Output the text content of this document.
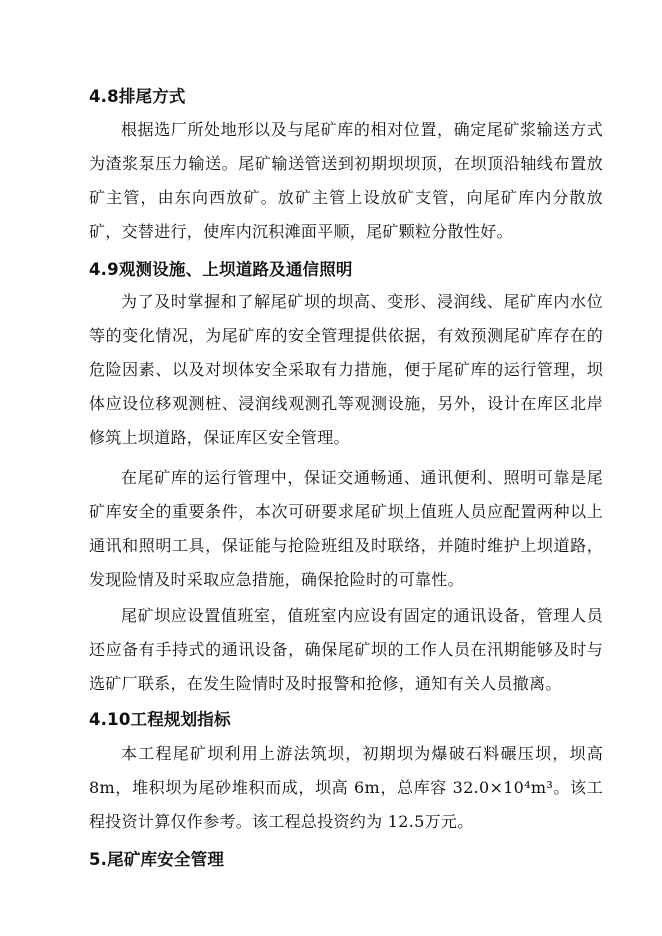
4.8排尾方式

根据选厂所处地形以及与尾矿库的相对位置，确定尾矿浆输送方式为渣浆泵压力输送。尾矿输送管送到初期坝坝顶，在坝顶沿轴线布置放矿主管，由东向西放矿。放矿主管上设放矿支管，向尾矿库内分散放矿，交替进行，使库内沉积滩面平顺，尾矿颗粒分散性好。

4.9观测设施、上坝道路及通信照明

为了及时掌握和了解尾矿坝的坝高、变形、浸润线、尾矿库内水位等的变化情况，为尾矿库的安全管理提供依据，有效预测尾矿库存在的危险因素、以及对坝体安全采取有力措施，便于尾矿库的运行管理，坝体应设位移观测桩、浸润线观测孔等观测设施，另外，设计在库区北岸修筑上坝道路，保证库区安全管理。

在尾矿库的运行管理中，保证交通畅通、通讯便利、照明可靠是尾矿库安全的重要条件，本次可研要求尾矿坝上值班人员应配置两种以上通讯和照明工具，保证能与抢险班组及时联络，并随时维护上坝道路，发现险情及时采取应急措施，确保抢险时的可靠性。

尾矿坝应设置值班室，值班室内应设有固定的通讯设备，管理人员还应备有手持式的通讯设备，确保尾矿坝的工作人员在汛期能够及时与选矿厂联系，在发生险情时及时报警和抢修，通知有关人员撤离。

4.10工程规划指标

本工程尾矿坝利用上游法筑坝，初期坝为爆破石料碾压坝，坝高 8m，堆积坝为尾砂堆积而成，坝高 6m，总库容 32.0×10⁴m³。该工程投资计算仅作参考。该工程总投资约为 12.5万元。

5.尾矿库安全管理
